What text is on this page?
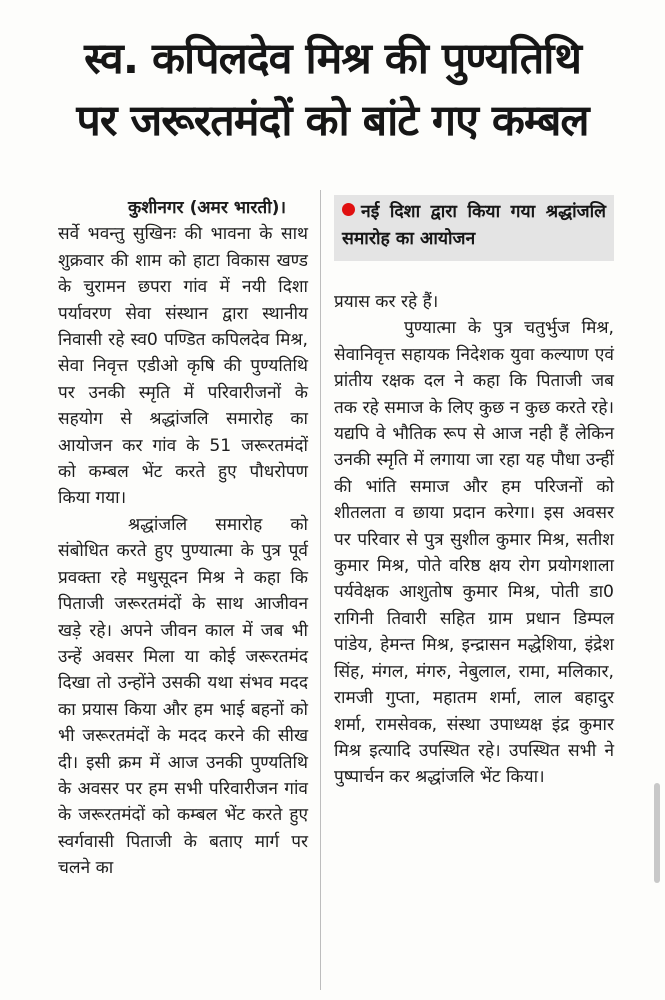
स्व. कपिलदेव मिश्र की पुण्यतिथि
पर जरूरतमंदों को बांटे गए कम्बल

कुशीनगर (अमर भारती)।
सर्वे भवन्तु सुखिनः की भावना के साथ शुक्रवार की शाम को हाटा विकास खण्ड के चुरामन छपरा गांव में नयी दिशा पर्यावरण सेवा संस्थान द्वारा स्थानीय निवासी रहे स्व0 पण्डित कपिलदेव मिश्र, सेवा निवृत्त एडीओ कृषि की पुण्यतिथि पर उनकी स्मृति में परिवारीजनों के सहयोग से श्रद्धांजलि समारोह का आयोजन कर गांव के 51 जरूरतमंदों को कम्बल भेंट करते हुए पौधरोपण किया गया।

श्रद्धांजलि समारोह को संबोधित करते हुए पुण्यात्मा के पुत्र पूर्व प्रवक्ता रहे मधुसूदन मिश्र ने कहा कि पिताजी जरूरतमंदों के साथ आजीवन खड़े रहे। अपने जीवन काल में जब भी उन्हें अवसर मिला या कोई जरूरतमंद दिखा तो उन्होंने उसकी यथा संभव मदद का प्रयास किया और हम भाई बहनों को भी जरूरतमंदों के मदद करने की सीख दी। इसी क्रम में आज उनकी पुण्यतिथि के अवसर पर हम सभी परिवारीजन गांव के जरूरतमंदों को कम्बल भेंट करते हुए स्वर्गवासी पिताजी के बताए मार्ग पर चलने का

नई दिशा द्वारा किया गया श्रद्धांजलि समारोह का आयोजन

प्रयास कर रहे हैं।

पुण्यात्मा के पुत्र चतुर्भुज मिश्र, सेवानिवृत्त सहायक निदेशक युवा कल्याण एवं प्रांतीय रक्षक दल ने कहा कि पिताजी जब तक रहे समाज के लिए कुछ न कुछ करते रहे। यद्यपि वे भौतिक रूप से आज नही हैं लेकिन उनकी स्मृति में लगाया जा रहा यह पौधा उन्हीं की भांति समाज और हम परिजनों को शीतलता व छाया प्रदान करेगा। इस अवसर पर परिवार से पुत्र सुशील कुमार मिश्र, सतीश कुमार मिश्र, पोते वरिष्ठ क्षय रोग प्रयोगशाला पर्यवेक्षक आशुतोष कुमार मिश्र, पोती डा0 रागिनी तिवारी सहित ग्राम प्रधान डिम्पल पांडेय, हेमन्त मिश्र, इन्द्रासन मद्धेशिया, इंद्रेश सिंह, मंगल, मंगरु, नेबुलाल, रामा, मलिकार, रामजी गुप्ता, महातम शर्मा, लाल बहादुर शर्मा, रामसेवक, संस्था उपाध्यक्ष इंद्र कुमार मिश्र इत्यादि उपस्थित रहे। उपस्थित सभी ने पुष्पार्चन कर श्रद्धांजलि भेंट किया।
